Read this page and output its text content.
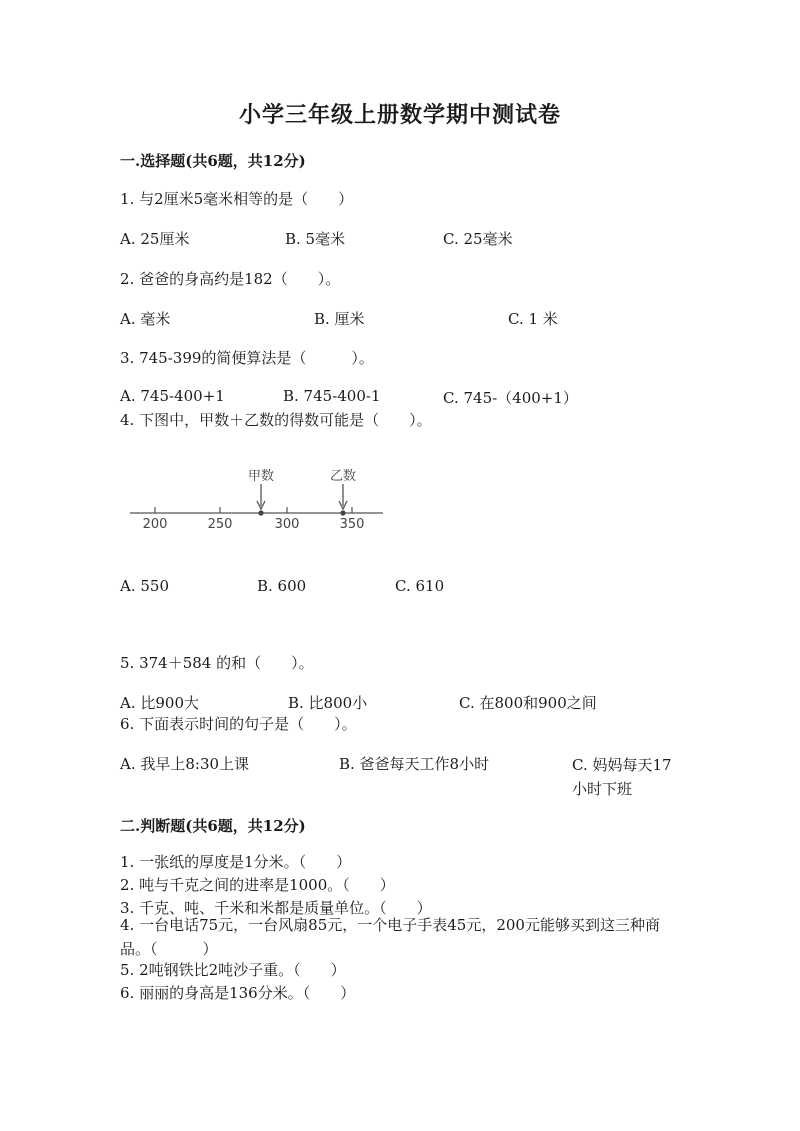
小学三年级上册数学期中测试卷
一.选择题(共6题，共12分)
1. 与2厘米5毫米相等的是（　　）
A. 25厘米	B. 5毫米	C. 25毫米
2. 爸爸的身高约是182（　　）。
A. 毫米	B. 厘米	C. 1 米
3. 745-399的简便算法是（　　　）。
A. 745-400+1	B. 745-400-1	C. 745-（400+1）
4. 下图中，甲数＋乙数的得数可能是（　　）。
甲数	乙数
200	250	300	350
A. 550	B. 600	C. 610
5. 374＋584 的和（　　）。
A. 比900大	B. 比800小	C. 在800和900之间
6. 下面表示时间的句子是（　　）。
A. 我早上8:30上课	B. 爸爸每天工作8小时	C. 妈妈每天17小时下班
二.判断题(共6题，共12分)
1. 一张纸的厚度是1分米。（　　）
2. 吨与千克之间的进率是1000。（　　）
3. 千克、吨、千米和米都是质量单位。（　　）
4. 一台电话75元，一台风扇85元，一个电子手表45元，200元能够买到这三种商品。（　　　）
5. 2吨钢铁比2吨沙子重。（　　）
6. 丽丽的身高是136分米。（　　）
